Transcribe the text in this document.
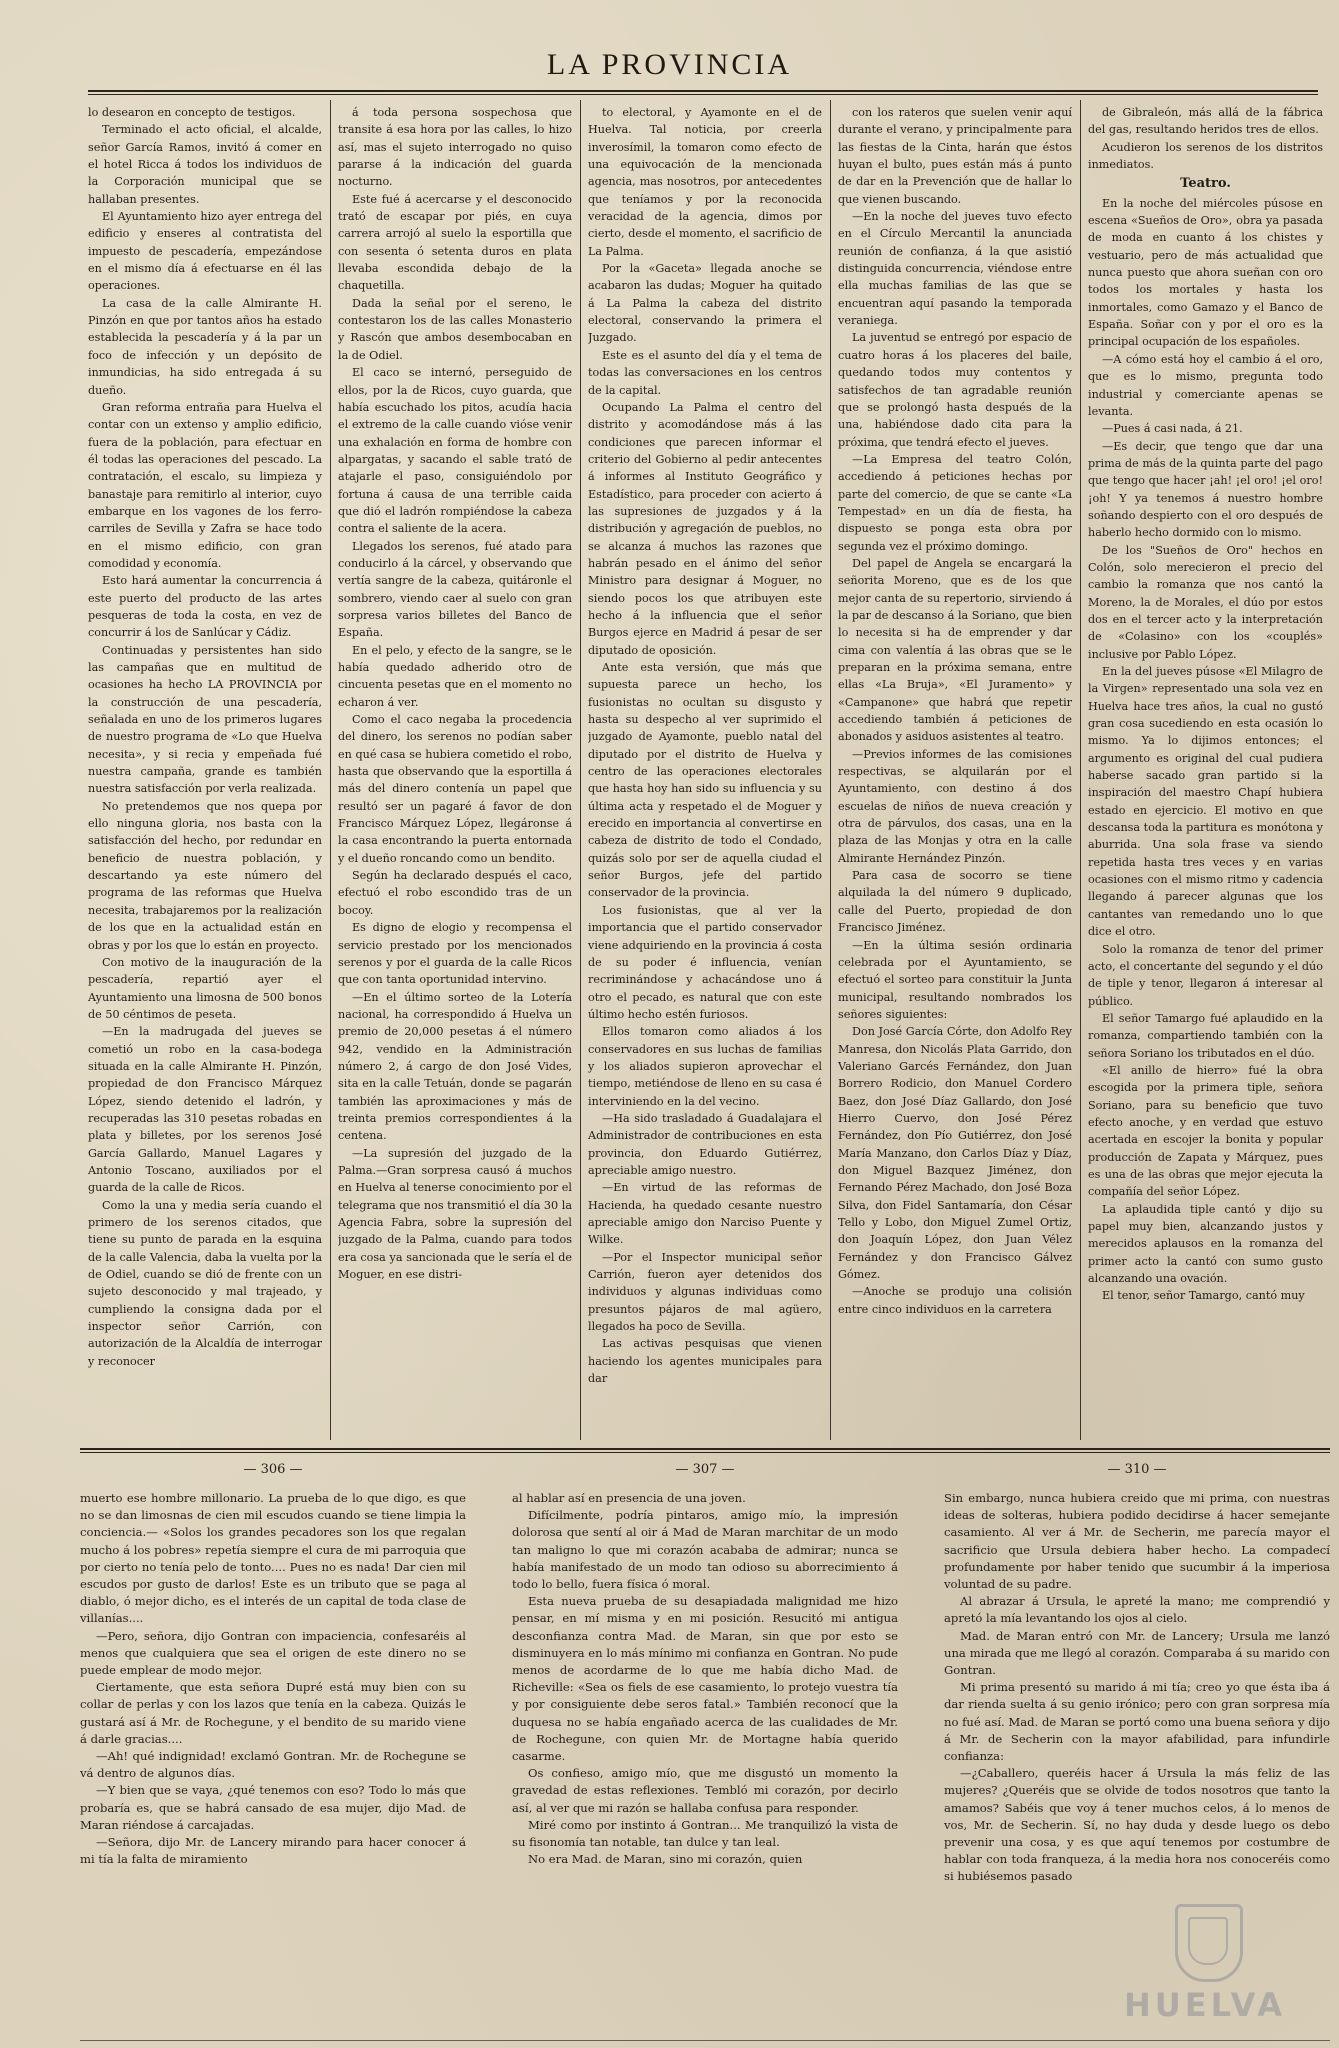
LA PROVINCIA

lo desearon en concepto de testigos.

Terminado el acto oficial, el alcalde, señor García Ramos, invitó á comer en el hotel Ricca á todos los individuos de la Corporación municipal que se hallaban presentes.

El Ayuntamiento hizo ayer entrega del edificio y enseres al contratista del impuesto de pescadería, empezándose en el mismo día á efectuarse en él las operaciones.

La casa de la calle Almirante H. Pinzón en que por tantos años ha estado establecida la pescadería y á la par un foco de infección y un depósito de inmundicias, ha sido entregada á su dueño.

Gran reforma entraña para Huelva el contar con un extenso y amplio edificio, fuera de la población, para efectuar en él todas las operaciones del pescado. La contratación, el escalo, su limpieza y banastaje para remitirlo al interior, cuyo embarque en los vagones de los ferro-carriles de Sevilla y Zafra se hace todo en el mismo edificio, con gran comodidad y economía.

Esto hará aumentar la concurrencia á este puerto del producto de las artes pesqueras de toda la costa, en vez de concurrir á los de Sanlúcar y Cádiz.

Continuadas y persistentes han sido las campañas que en multitud de ocasiones ha hecho LA PROVINCIA por la construcción de una pescadería, señalada en uno de los primeros lugares de nuestro programa de «Lo que Huelva necesita», y si recia y empeñada fué nuestra campaña, grande es también nuestra satisfacción por verla realizada.

No pretendemos que nos quepa por ello ninguna gloria, nos basta con la satisfacción del hecho, por redundar en beneficio de nuestra población, y descartando ya este número del programa de las reformas que Huelva necesita, trabajaremos por la realización de los que en la actualidad están en obras y por los que lo están en proyecto.

Con motivo de la inauguración de la pescadería, repartió ayer el Ayuntamiento una limosna de 500 bonos de 50 céntimos de peseta.

—En la madrugada del jueves se cometió un robo en la casa-bodega situada en la calle Almirante H. Pinzón, propiedad de don Francisco Márquez López, siendo detenido el ladrón, y recuperadas las 310 pesetas robadas en plata y billetes, por los serenos José García Gallardo, Manuel Lagares y Antonio Toscano, auxiliados por el guarda de la calle de Ricos.

Como la una y media sería cuando el primero de los serenos citados, que tiene su punto de parada en la esquina de la calle Valencia, daba la vuelta por la de Odiel, cuando se dió de frente con un sujeto desconocido y mal trajeado, y cumpliendo la consigna dada por el inspector señor Carrión, con autorización de la Alcaldía de interrogar y reconocer

á toda persona sospechosa que transite á esa hora por las calles, lo hizo así, mas el sujeto interrogado no quiso pararse á la indicación del guarda nocturno.

Este fué á acercarse y el desconocido trató de escapar por piés, en cuya carrera arrojó al suelo la esportilla que con sesenta ó setenta duros en plata llevaba escondida debajo de la chaquetilla.

Dada la señal por el sereno, le contestaron los de las calles Monasterio y Rascón que ambos desembocaban en la de Odiel.

El caco se internó, perseguido de ellos, por la de Ricos, cuyo guarda, que había escuchado los pitos, acudía hacia el extremo de la calle cuando vióse venir una exhalación en forma de hombre con alpargatas, y sacando el sable trató de atajarle el paso, consiguiéndolo por fortuna á causa de una terrible caida que dió el ladrón rompiéndose la cabeza contra el saliente de la acera.

Llegados los serenos, fué atado para conducirlo á la cárcel, y observando que vertía sangre de la cabeza, quitáronle el sombrero, viendo caer al suelo con gran sorpresa varios billetes del Banco de España.

En el pelo, y efecto de la sangre, se le había quedado adherido otro de cincuenta pesetas que en el momento no echaron á ver.

Como el caco negaba la procedencia del dinero, los serenos no podían saber en qué casa se hubiera cometido el robo, hasta que observando que la esportilla á más del dinero contenía un papel que resultó ser un pagaré á favor de don Francisco Márquez López, llegáronse á la casa encontrando la puerta entornada y el dueño roncando como un bendito.

Según ha declarado después el caco, efectuó el robo escondido tras de un bocoy.

Es digno de elogio y recompensa el servicio prestado por los mencionados serenos y por el guarda de la calle Ricos que con tanta oportunidad intervino.

—En el último sorteo de la Lotería nacional, ha correspondido á Huelva un premio de 20,000 pesetas á el número 942, vendido en la Administración número 2, á cargo de don José Vides, sita en la calle Tetuán, donde se pagarán también las aproximaciones y más de treinta premios correspondientes á la centena.

—La supresión del juzgado de la Palma.—Gran sorpresa causó á muchos en Huelva al tenerse conocimiento por el telegrama que nos transmitió el día 30 la Agencia Fabra, sobre la supresión del juzgado de la Palma, cuando para todos era cosa ya sancionada que le sería el de Moguer, en ese distri-

to electoral, y Ayamonte en el de Huelva. Tal noticia, por creerla inverosímil, la tomaron como efecto de una equivocación de la mencionada agencia, mas nosotros, por antecedentes que teníamos y por la reconocida veracidad de la agencia, dimos por cierto, desde el momento, el sacrificio de La Palma.

Por la «Gaceta» llegada anoche se acabaron las dudas; Moguer ha quitado á La Palma la cabeza del distrito electoral, conservando la primera el Juzgado.

Este es el asunto del día y el tema de todas las conversaciones en los centros de la capital.

Ocupando La Palma el centro del distrito y acomodándose más á las condiciones que parecen informar el criterio del Gobierno al pedir antecentes á informes al Instituto Geográfico y Estadístico, para proceder con acierto á las supresiones de juzgados y á la distribución y agregación de pueblos, no se alcanza á muchos las razones que habrán pesado en el ánimo del señor Ministro para designar á Moguer, no siendo pocos los que atribuyen este hecho á la influencia que el señor Burgos ejerce en Madrid á pesar de ser diputado de oposición.

Ante esta versión, que más que supuesta parece un hecho, los fusionistas no ocultan su disgusto y hasta su despecho al ver suprimido el juzgado de Ayamonte, pueblo natal del diputado por el distrito de Huelva y centro de las operaciones electorales que hasta hoy han sido su influencia y su última acta y respetado el de Moguer y erecido en importancia al convertirse en cabeza de distrito de todo el Condado, quizás solo por ser de aquella ciudad el señor Burgos, jefe del partido conservador de la provincia.

Los fusionistas, que al ver la importancia que el partido conservador viene adquiriendo en la provincia á costa de su poder é influencia, venían recriminándose y achacándose uno á otro el pecado, es natural que con este último hecho estén furiosos.

Ellos tomaron como aliados á los conservadores en sus luchas de familias y los aliados supieron aprovechar el tiempo, metiéndose de lleno en su casa é interviniendo en la del vecino.

—Ha sido trasladado á Guadalajara el Administrador de contribuciones en esta provincia, don Eduardo Gutiérrez, apreciable amigo nuestro.

—En virtud de las reformas de Hacienda, ha quedado cesante nuestro apreciable amigo don Narciso Puente y Wilke.

—Por el Inspector municipal señor Carrión, fueron ayer detenidos dos individuos y algunas individuas como presuntos pájaros de mal agüero, llegados ha poco de Sevilla.

Las activas pesquisas que vienen haciendo los agentes municipales para dar

con los rateros que suelen venir aquí durante el verano, y principalmente para las fiestas de la Cinta, harán que éstos huyan el bulto, pues están más á punto de dar en la Prevención que de hallar lo que vienen buscando.

—En la noche del jueves tuvo efecto en el Círculo Mercantil la anunciada reunión de confianza, á la que asistió distinguida concurrencia, viéndose entre ella muchas familias de las que se encuentran aquí pasando la temporada veraniega.

La juventud se entregó por espacio de cuatro horas á los placeres del baile, quedando todos muy contentos y satisfechos de tan agradable reunión que se prolongó hasta después de la una, habiéndose dado cita para la próxima, que tendrá efecto el jueves.

—La Empresa del teatro Colón, accediendo á peticiones hechas por parte del comercio, de que se cante «La Tempestad» en un día de fiesta, ha dispuesto se ponga esta obra por segunda vez el próximo domingo.

Del papel de Angela se encargará la señorita Moreno, que es de los que mejor canta de su repertorio, sirviendo á la par de descanso á la Soriano, que bien lo necesita si ha de emprender y dar cima con valentía á las obras que se le preparan en la próxima semana, entre ellas «La Bruja», «El Juramento» y «Campanone» que habrá que repetir accediendo también á peticiones de abonados y asiduos asistentes al teatro.

—Previos informes de las comisiones respectivas, se alquilarán por el Ayuntamiento, con destino á dos escuelas de niños de nueva creación y otra de párvulos, dos casas, una en la plaza de las Monjas y otra en la calle Almirante Hernández Pinzón.

Para casa de socorro se tiene alquilada la del número 9 duplicado, calle del Puerto, propiedad de don Francisco Jiménez.

—En la última sesión ordinaria celebrada por el Ayuntamiento, se efectuó el sorteo para constituir la Junta municipal, resultando nombrados los señores siguientes:

Don José García Córte, don Adolfo Rey Manresa, don Nicolás Plata Garrido, don Valeriano Garcés Fernández, don Juan Borrero Rodicio, don Manuel Cordero Baez, don José Díaz Gallardo, don José Hierro Cuervo, don José Pérez Fernández, don Pío Gutiérrez, don José María Manzano, don Carlos Díaz y Díaz, don Miguel Bazquez Jiménez, don Fernando Pérez Machado, don José Boza Silva, don Fidel Santamaría, don César Tello y Lobo, don Miguel Zumel Ortiz, don Joaquín López, don Juan Vélez Fernández y don Francisco Gálvez Gómez.

—Anoche se produjo una colisión entre cinco individuos en la carretera

de Gibraleón, más allá de la fábrica del gas, resultando heridos tres de ellos.

Acudieron los serenos de los distritos inmediatos.

Teatro.

En la noche del miércoles púsose en escena «Sueños de Oro», obra ya pasada de moda en cuanto á los chistes y vestuario, pero de más actualidad que nunca puesto que ahora sueñan con oro todos los mortales y hasta los inmortales, como Gamazo y el Banco de España. Soñar con y por el oro es la principal ocupación de los españoles.

—A cómo está hoy el cambio á el oro, que es lo mismo, pregunta todo industrial y comerciante apenas se levanta.

—Pues á casi nada, á 21.

—Es decir, que tengo que dar una prima de más de la quinta parte del pago que tengo que hacer ¡ah! ¡el oro! ¡el oro! ¡oh! Y ya tenemos á nuestro hombre soñando despierto con el oro después de haberlo hecho dormido con lo mismo.

De los "Sueños de Oro" hechos en Colón, solo merecieron el precio del cambio la romanza que nos cantó la Moreno, la de Morales, el dúo por estos dos en el tercer acto y la interpretación de «Colasino» con los «couplés» inclusive por Pablo López.

En la del jueves púsose «El Milagro de la Virgen» representado una sola vez en Huelva hace tres años, la cual no gustó gran cosa sucediendo en esta ocasión lo mismo. Ya lo dijimos entonces; el argumento es original del cual pudiera haberse sacado gran partido si la inspiración del maestro Chapí hubiera estado en ejercicio. El motivo en que descansa toda la partitura es monótona y aburrida. Una sola frase va siendo repetida hasta tres veces y en varias ocasiones con el mismo ritmo y cadencia llegando á parecer algunas que los cantantes van remedando uno lo que dice el otro.

Solo la romanza de tenor del primer acto, el concertante del segundo y el dúo de tiple y tenor, llegaron á interesar al público.

El señor Tamargo fué aplaudido en la romanza, compartiendo también con la señora Soriano los tributados en el dúo.

«El anillo de hierro» fué la obra escogida por la primera tiple, señora Soriano, para su beneficio que tuvo efecto anoche, y en verdad que estuvo acertada en escojer la bonita y popular producción de Zapata y Márquez, pues es una de las obras que mejor ejecuta la compañía del señor López.

La aplaudida tiple cantó y dijo su papel muy bien, alcanzando justos y merecidos aplausos en la romanza del primer acto la cantó con sumo gusto alcanzando una ovación.

El tenor, señor Tamargo, cantó muy

— 306 —	— 307 —	— 310 —

muerto ese hombre millonario. La prueba de lo que digo, es que no se dan limosnas de cien mil escudos cuando se tiene limpia la conciencia.— «Solos los grandes pecadores son los que regalan mucho á los pobres» repetía siempre el cura de mi parroquia que por cierto no tenía pelo de tonto.... Pues no es nada! Dar cien mil escudos por gusto de darlos! Este es un tributo que se paga al diablo, ó mejor dicho, es el interés de un capital de toda clase de villanías....

—Pero, señora, dijo Gontran con impaciencia, confesaréis al menos que cualquiera que sea el origen de este dinero no se puede emplear de modo mejor.

Ciertamente, que esta señora Dupré está muy bien con su collar de perlas y con los lazos que tenía en la cabeza. Quizás le gustará así á Mr. de Rochegune, y el bendito de su marido viene á darle gracias....

—Ah! qué indignidad! exclamó Gontran. Mr. de Rochegune se vá dentro de algunos días.

—Y bien que se vaya, ¿qué tenemos con eso? Todo lo más que probaría es, que se habrá cansado de esa mujer, dijo Mad. de Maran riéndose á carcajadas.

—Señora, dijo Mr. de Lancery mirando para hacer conocer á mi tía la falta de miramiento

al hablar así en presencia de una joven.

Difícilmente, podría pintaros, amigo mío, la impresión dolorosa que sentí al oir á Mad de Maran marchitar de un modo tan maligno lo que mi corazón acababa de admirar; nunca se había manifestado de un modo tan odioso su aborrecimiento á todo lo bello, fuera física ó moral.

Esta nueva prueba de su desapiadada malignidad me hizo pensar, en mí misma y en mi posición. Resucitó mi antigua desconfianza contra Mad. de Maran, sin que por esto se disminuyera en lo más mínimo mi confianza en Gontran. No pude menos de acordarme de lo que me había dicho Mad. de Richeville: «Sea os fiels de ese casamiento, lo protejo vuestra tía y por consiguiente debe seros fatal.» También reconocí que la duquesa no se había engañado acerca de las cualidades de Mr. de Rochegune, con quien Mr. de Mortagne había querido casarme.

Os confieso, amigo mío, que me disgustó un momento la gravedad de estas reflexiones. Tembló mi corazón, por decirlo así, al ver que mi razón se hallaba confusa para responder.

Miré como por instinto á Gontran... Me tranquilizó la vista de su fisonomía tan notable, tan dulce y tan leal.

No era Mad. de Maran, sino mi corazón, quien

Sin embargo, nunca hubiera creido que mi prima, con nuestras ideas de solteras, hubiera podido decidirse á hacer semejante casamiento. Al ver á Mr. de Secherin, me parecía mayor el sacrificio que Ursula debiera haber hecho. La compadecí profundamente por haber tenido que sucumbir á la imperiosa voluntad de su padre.

Al abrazar á Ursula, le apreté la mano; me comprendió y apretó la mía levantando los ojos al cielo.

Mad. de Maran entró con Mr. de Lancery; Ursula me lanzó una mirada que me llegó al corazón. Comparaba á su marido con Gontran.

Mi prima presentó su marido á mi tía; creo yo que ésta iba á dar rienda suelta á su genio irónico; pero con gran sorpresa mía no fué así. Mad. de Maran se portó como una buena señora y dijo á Mr. de Secherin con la mayor afabilidad, para infundirle confianza:

—¿Caballero, queréis hacer á Ursula la más feliz de las mujeres? ¿Queréis que se olvide de todos nosotros que tanto la amamos? Sabéis que voy á tener muchos celos, á lo menos de vos, Mr. de Secherin. Sí, no hay duda y desde luego os debo prevenir una cosa, y es que aquí tenemos por costumbre de hablar con toda franqueza, á la media hora nos conoceréis como si hubiésemos pasado

HUELVA
